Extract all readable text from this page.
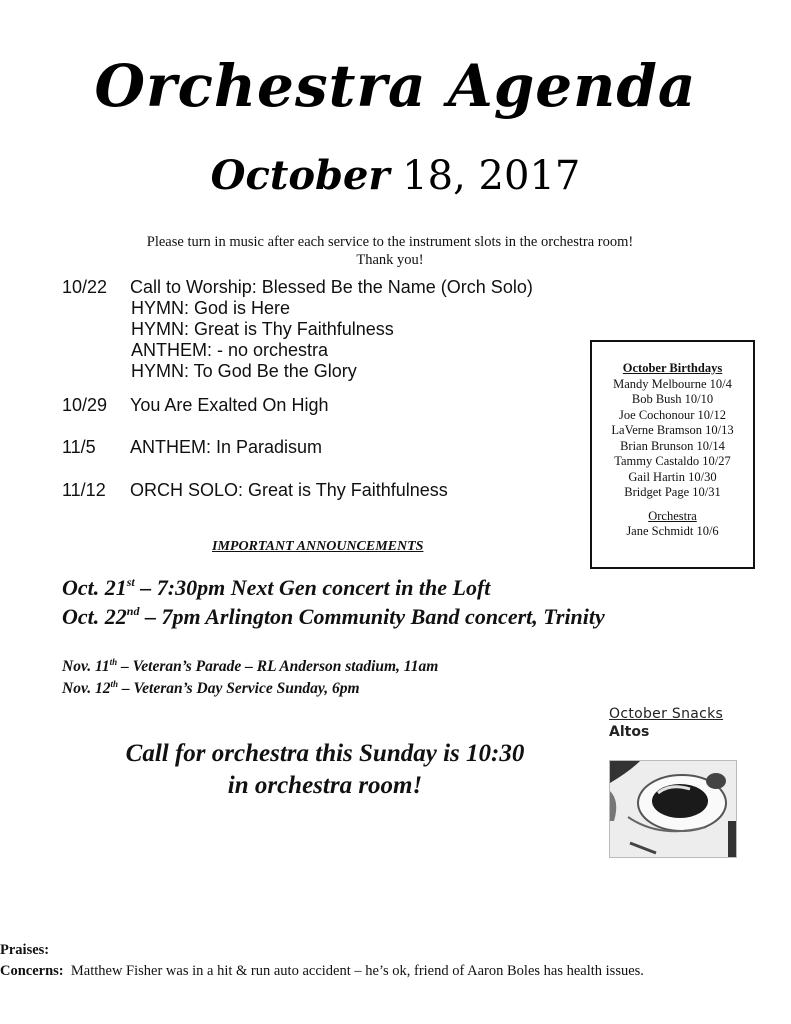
Orchestra Agenda
October 18, 2017
Please turn in music after each service to the instrument slots in the orchestra room!
Thank you!
10/22 Call to Worship: Blessed Be the Name (Orch Solo)
HYMN: God is Here
HYMN: Great is Thy Faithfulness
ANTHEM: - no orchestra
HYMN: To God Be the Glory
10/29 You Are Exalted On High
11/5 ANTHEM: In Paradisum
11/12 ORCH SOLO: Great is Thy Faithfulness
October Birthdays
Mandy Melbourne 10/4
Bob Bush 10/10
Joe Cochonour 10/12
LaVerne Bramson 10/13
Brian Brunson 10/14
Tammy Castaldo 10/27
Gail Hartin 10/30
Bridget Page 10/31
Orchestra
Jane Schmidt 10/6
IMPORTANT ANNOUNCEMENTS
Oct. 21st – 7:30pm Next Gen concert in the Loft
Oct. 22nd – 7pm Arlington Community Band concert, Trinity
Nov. 11th – Veteran’s Parade – RL Anderson stadium, 11am
Nov. 12th – Veteran’s Day Service Sunday, 6pm
Call for orchestra this Sunday is 10:30
in orchestra room!
October Snacks
Altos
Praises:
Concerns:  Matthew Fisher was in a hit & run auto accident – he’s ok, friend of Aaron Boles has health issues.
